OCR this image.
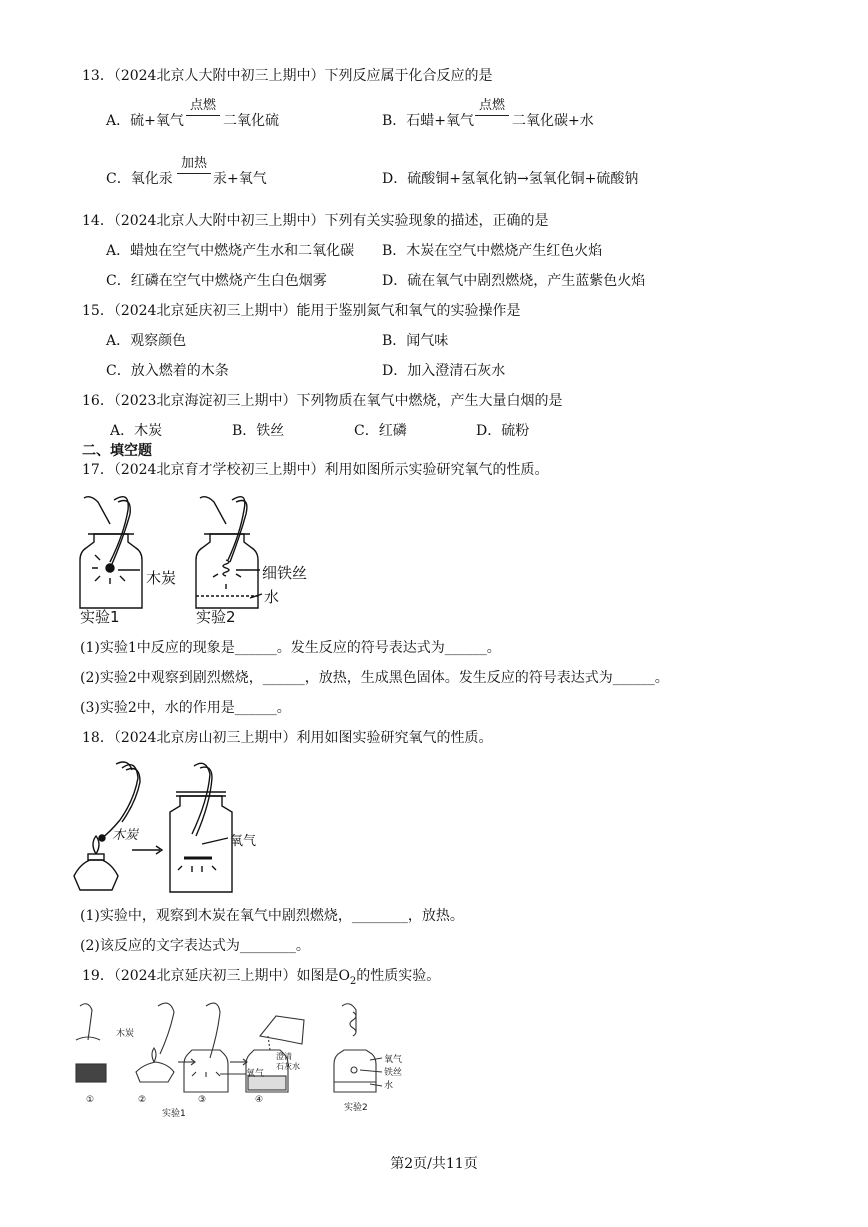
13．（2024北京人大附中初三上期中）下列反应属于化合反应的是
A．硫+氧气
点燃
二氧化硫	B．石蜡+氧气
点燃
二氧化碳+水
C．氧化汞
加热
汞+氧气	D．硫酸铜+氢氧化钠→氢氧化铜+硫酸钠
14．（2024北京人大附中初三上期中）下列有关实验现象的描述，正确的是
A．蜡烛在空气中燃烧产生水和二氧化碳 B．木炭在空气中燃烧产生红色火焰
C．红磷在空气中燃烧产生白色烟雾	D．硫在氧气中剧烈燃烧，产生蓝紫色火焰
15．（2024北京延庆初三上期中）能用于鉴别氮气和氧气的实验操作是
A．观察颜色	B．闻气味
C．放入燃着的木条	D．加入澄清石灰水
16．（2023北京海淀初三上期中）下列物质在氧气中燃烧，产生大量白烟的是
A．木炭	B．铁丝	C．红磷	D．硫粉
二、填空题
17．（2024北京育才学校初三上期中）利用如图所示实验研究氧气的性质。
木炭
实验1
细铁丝
水
实验2
(1)实验1中反应的现象是______。发生反应的符号表达式为______。
(2)实验2中观察到剧烈燃烧，______，放热，生成黑色固体。发生反应的符号表达式为______。
(3)实验2中，水的作用是______。
18．（2024北京房山初三上期中）利用如图实验研究氧气的性质。
木炭	氧气
(1)实验中，观察到木炭在氧气中剧烈燃烧，________，放热。
(2)该反应的文字表达式为________。
19．（2024北京延庆初三上期中）如图是$O_2$的性质实验。
木炭
氧气
澄清
石灰水
①	②	③	④
实验1
氧气
铁丝
水
实验2
第2页/共11页
